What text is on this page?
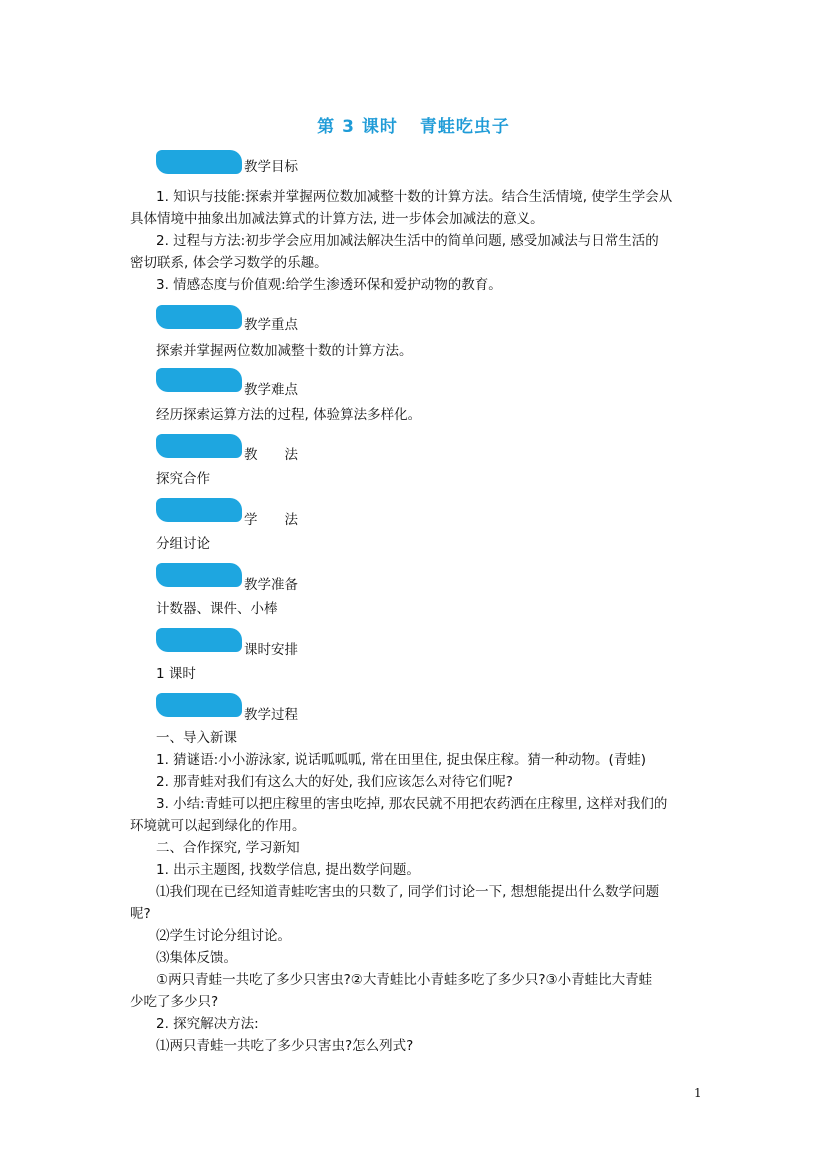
第 3 课时 青蛙吃虫子
教学目标
1. 知识与技能:探索并掌握两位数加减整十数的计算方法。结合生活情境, 使学生学会从
具体情境中抽象出加减法算式的计算方法, 进一步体会加减法的意义。
2. 过程与方法:初步学会应用加减法解决生活中的简单问题, 感受加减法与日常生活的
密切联系, 体会学习数学的乐趣。
3. 情感态度与价值观:给学生渗透环保和爱护动物的教育。
教学重点
探索并掌握两位数加减整十数的计算方法。
教学难点
经历探索运算方法的过程, 体验算法多样化。
教　　法
探究合作
学　　法
分组讨论
教学准备
计数器、课件、小棒
课时安排
1 课时
教学过程
一、导入新课
1. 猜谜语:小小游泳家, 说话呱呱呱, 常在田里住, 捉虫保庄稼。猜一种动物。(青蛙)
2. 那青蛙对我们有这么大的好处, 我们应该怎么对待它们呢?
3. 小结:青蛙可以把庄稼里的害虫吃掉, 那农民就不用把农药洒在庄稼里, 这样对我们的
环境就可以起到绿化的作用。
二、合作探究, 学习新知
1. 出示主题图, 找数学信息, 提出数学问题。
⑴我们现在已经知道青蛙吃害虫的只数了, 同学们讨论一下, 想想能提出什么数学问题
呢?
⑵学生讨论分组讨论。
⑶集体反馈。
①两只青蛙一共吃了多少只害虫?②大青蛙比小青蛙多吃了多少只?③小青蛙比大青蛙
少吃了多少只?
2. 探究解决方法:
⑴两只青蛙一共吃了多少只害虫?怎么列式?
1
